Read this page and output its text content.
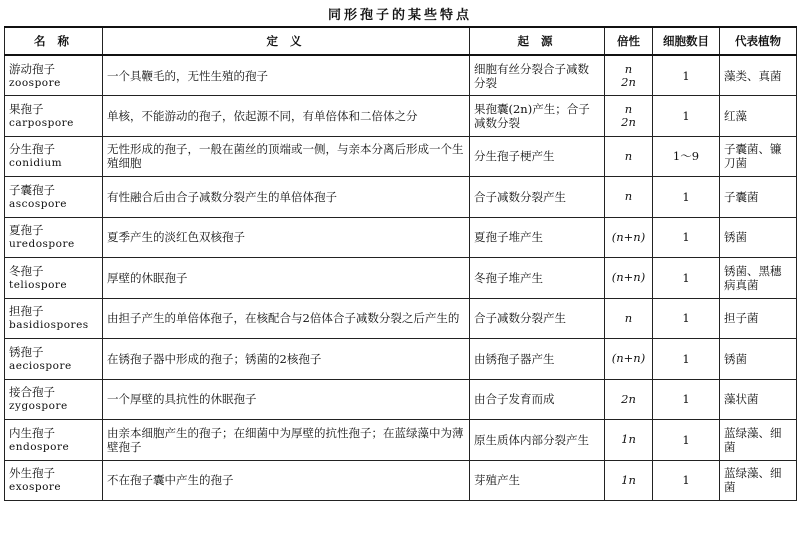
同形孢子的某些特点
名 称	定 义	起 源	倍性	细胞数目	代表植物

游动孢子
zoospore	一个具鞭毛的，无性生殖的孢子	细胞有丝分裂合子减数分裂	n
2n	1	藻类、真菌

果孢子
carpospore	单核，不能游动的孢子，依起源不同，有单倍体和二倍体之分	果孢囊(2n)产生；合子减数分裂	n
2n	1	红藻

分生孢子
conidium	无性形成的孢子，一般在菌丝的顶端或一侧，与亲本分离后形成一个生殖细胞	分生孢子梗产生	n	1～9	子囊菌、镰刀菌

子囊孢子
ascospore	有性融合后由合子减数分裂产生的单倍体孢子	合子减数分裂产生	n	1	子囊菌

夏孢子
uredospore	夏季产生的淡红色双核孢子	夏孢子堆产生	(n+n)	1	锈菌

冬孢子
teliospore	厚壁的休眠孢子	冬孢子堆产生	(n+n)	1	锈菌、黑穗病真菌

担孢子
basidiospores	由担子产生的单倍体孢子，在核配合与2倍体合子减数分裂之后产生的	合子减数分裂产生	n	1	担子菌

锈孢子
aeciospore	在锈孢子器中形成的孢子；锈菌的2核孢子	由锈孢子器产生	(n+n)	1	锈菌

接合孢子
zygospore	一个厚壁的具抗性的休眠孢子	由合子发育而成	2n	1	藻状菌

内生孢子
endospore	由亲本细胞产生的孢子；在细菌中为厚壁的抗性孢子；在蓝绿藻中为薄壁孢子	原生质体内部分裂产生	1n	1	蓝绿藻、细菌

外生孢子
exospore	不在孢子囊中产生的孢子	芽殖产生	1n	1	蓝绿藻、细菌
